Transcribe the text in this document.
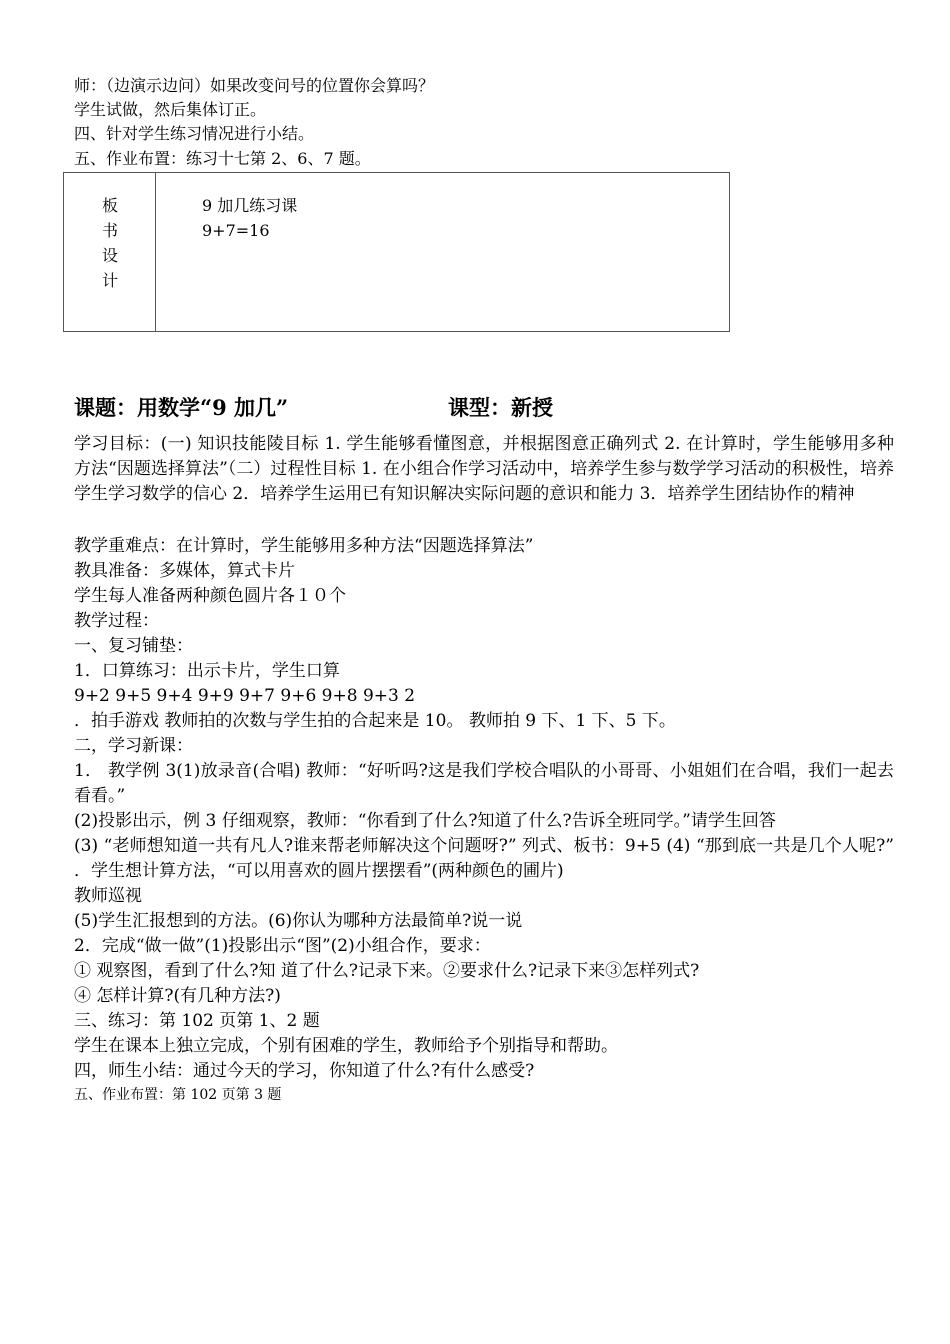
师：（边演示边问）如果改变问号的位置你会算吗？
学生试做，然后集体订正。
四、针对学生练习情况进行小结。
五、作业布置：练习十七第 2、6、7 题。
板
书
设
计
9 加几练习课
9+7=16
课题：用数学“9 加几”	课型：新授
学习目标：(一) 知识技能陵目标 1. 学生能够看懂图意，并根据图意正确列式 2. 在计算时，学生能够用多种方法“因题选择算法”（二）过程性目标 1. 在小组合作学习活动中，培养学生参与数学学习活动的积极性，培养学生学习数学的信心 2．培养学生运用已有知识解决实际问题的意识和能力 3．培养学生团结协作的精神
教学重难点：在计算时，学生能够用多种方法“因题选择算法”
教具准备：多媒体，算式卡片
学生每人准备两种颜色圆片各１０个
教学过程：
一、复习铺垫：
1．口算练习：出示卡片，学生口算
9+2 9+5 9+4 9+9 9+7 9+6 9+8 9+3 2
．拍手游戏 教师拍的次数与学生拍的合起来是 10。 教师拍 9 下、1 下、5 下。
二，学习新课：
1． 教学例 3(1)放录音(合唱) 教师：“好听吗?这是我们学校合唱队的小哥哥、小姐姐们在合唱，我们一起去看看。”
(2)投影出示，例 3 仔细观察，教师：“你看到了什么?知道了什么?告诉全班同学。”请学生回答
(3) “老师想知道一共有凡人?谁来帮老师解决这个问题呀?” 列式、板书：9+5 (4) “那到底一共是几个人呢?” ．学生想计算方法，“可以用喜欢的圆片摆摆看”(两种颜色的圃片)
教师巡视
(5)学生汇报想到的方法。(6)你认为哪种方法最简单?说一说
2．完成“做一做”(1)投影出示“图”(2)小组合作，要求：
① 观察图，看到了什么?知 道了什么?记录下来。②要求什么?记录下来③怎样列式?
④ 怎样计算?(有几种方法?)
三、练习：第 102 页第 1、2 题
学生在课本上独立完成，个别有困难的学生，教师给予个别指导和帮助。
四，师生小结：通过今天的学习，你知道了什么?有什么感受?
五、作业布置：第 102 页第 3 题
